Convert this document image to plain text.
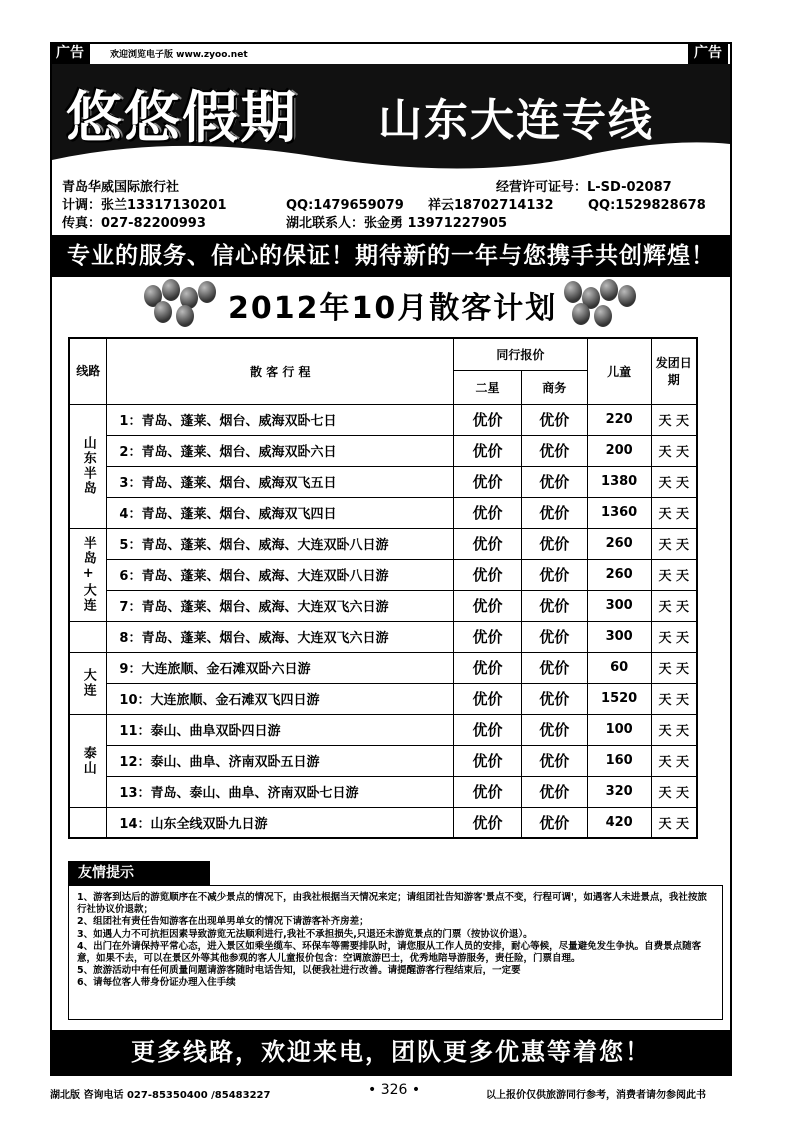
广告	欢迎浏览电子版 www.zyoo.net	广告
悠悠假期 山东大连专线
青岛华威国际旅行社	经营许可证号：L-SD-02087
计调：张兰13317130201	QQ:1479659079 祥云18702714132	QQ:1529828678
传真：027-82200993	湖北联系人：张金勇 13971227905
专业的服务、信心的保证！期待新的一年与您携手共创辉煌！
2012年10月散客计划
线路	散 客 行 程	同行报价		儿童	发团日期
		二星	商务		
山东半岛	1：青岛、蓬莱、烟台、威海双卧七日	优价	优价	220	天 天
	2：青岛、蓬莱、烟台、威海双卧六日	优价	优价	200	天 天
	3：青岛、蓬莱、烟台、威海双飞五日	优价	优价	1380	天 天
	4：青岛、蓬莱、烟台、威海双飞四日	优价	优价	1360	天 天
半岛+大连	5：青岛、蓬莱、烟台、威海、大连双卧八日游	优价	优价	260	天 天
	6：青岛、蓬莱、烟台、威海、大连双卧八日游	优价	优价	260	天 天
	7：青岛、蓬莱、烟台、威海、大连双飞六日游	优价	优价	300	天 天
	8：青岛、蓬莱、烟台、威海、大连双飞六日游	优价	优价	300	天 天
大连	9：大连旅顺、金石滩双卧六日游	优价	优价	60	天 天
	10：大连旅顺、金石滩双飞四日游	优价	优价	1520	天 天
泰山	11：泰山、曲阜双卧四日游	优价	优价	100	天 天
	12：泰山、曲阜、济南双卧五日游	优价	优价	160	天 天
	13：青岛、泰山、曲阜、济南双卧七日游	优价	优价	320	天 天
	14：山东全线双卧九日游	优价	优价	420	天 天
友情提示
1、游客到达后的游览顺序在不减少景点的情况下，由我社根据当天情况来定；请组团社告知游客'景点不变，行程可调'，如遇客人未进景点，我社按旅行社协议价退款；
2、组团社有责任告知游客在出现单男单女的情况下请游客补齐房差；
3、如遇人力不可抗拒因素导致游览无法顺利进行,我社不承担损失,只退还未游览景点的门票（按协议价退）。
4、出门在外请保持平常心态，进入景区如乘坐缆车、环保车等需要排队时，请您服从工作人员的安排，耐心等候，尽量避免发生争执。自费景点随客意，如果不去，可以在景区外等其他参观的客人儿童报价包含：空调旅游巴士，优秀地陪导游服务，责任险，门票自理。
5、旅游活动中有任何质量问题请游客随时电话告知，以便我社进行改善。请提醒游客行程结束后，一定要
6、请每位客人带身份证办理入住手续
更多线路，欢迎来电，团队更多优惠等着您！
湖北版 咨询电话 027-85350400 /85483227	• 326 •	以上报价仅供旅游同行参考，消费者请勿参阅此书
